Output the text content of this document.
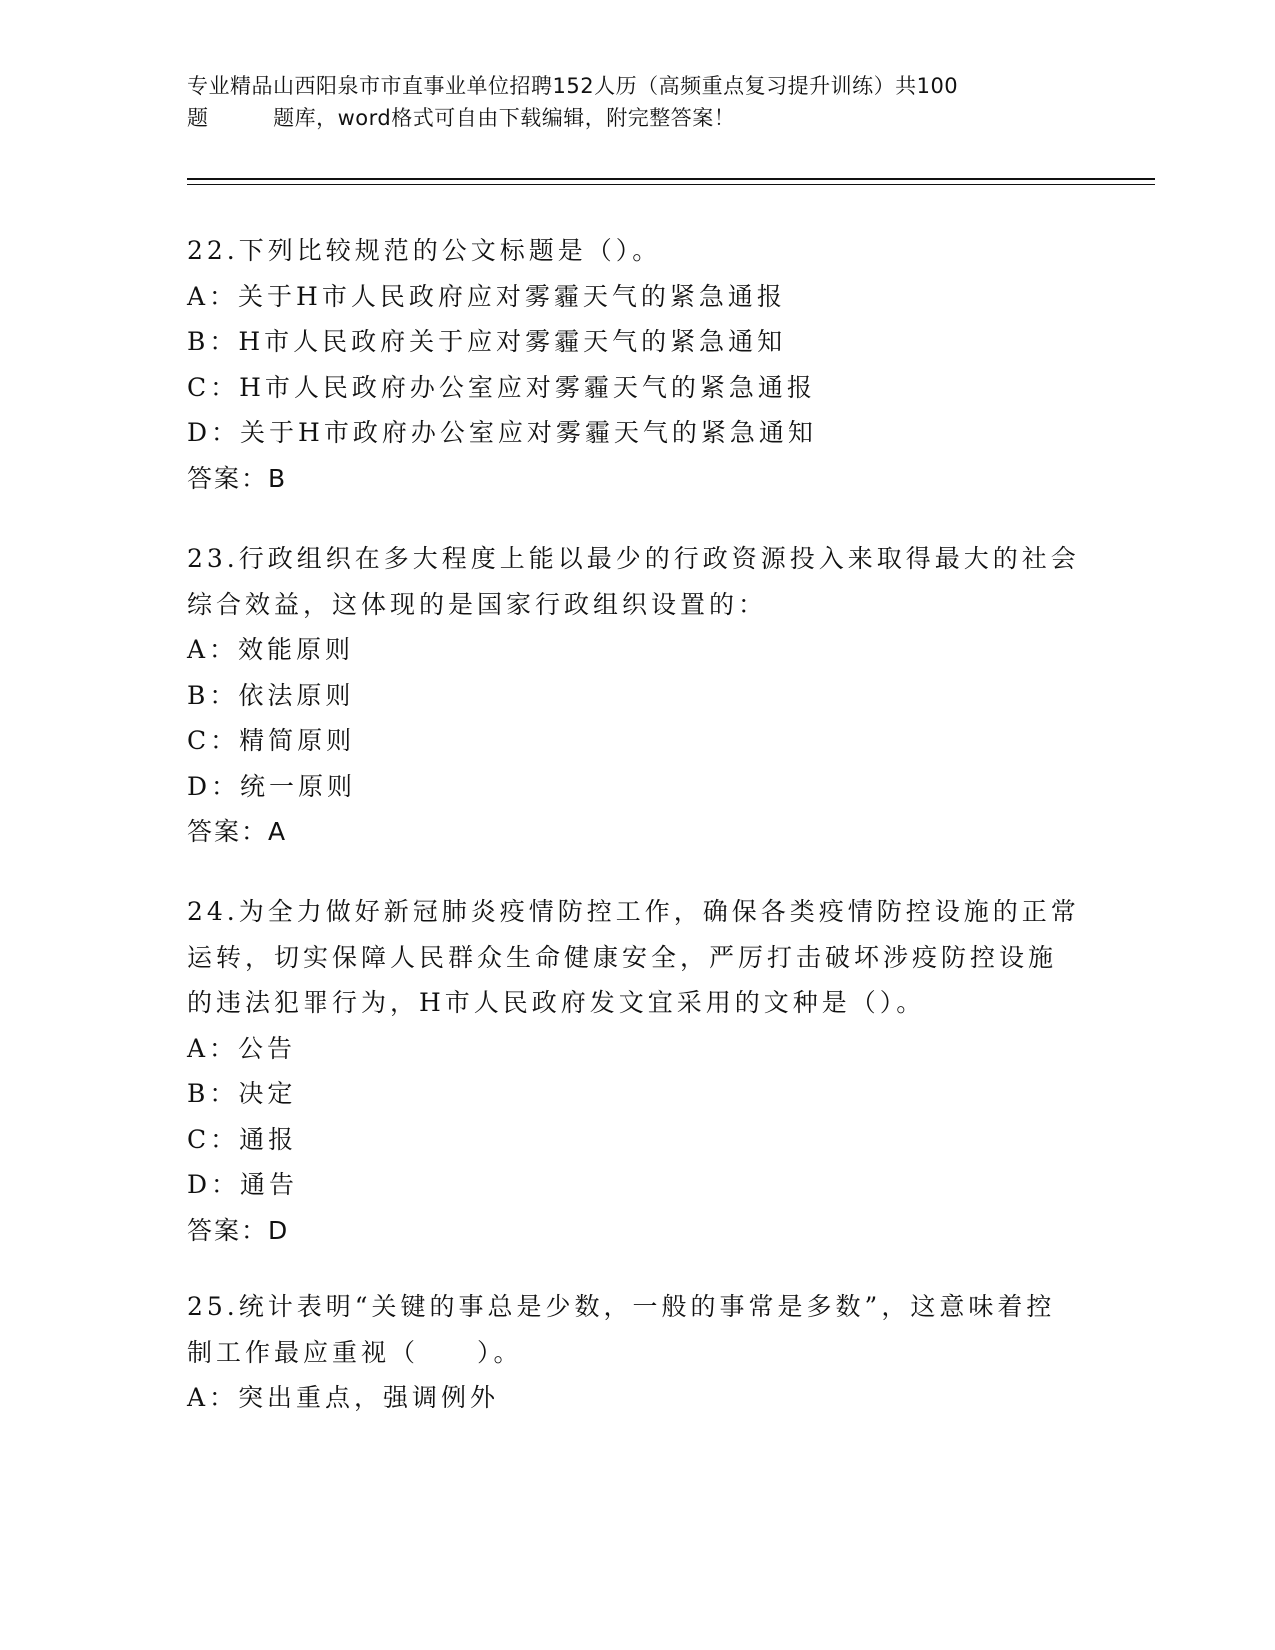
专业精品山西阳泉市市直事业单位招聘152人历（高频重点复习提升训练）共100
题         题库，word格式可自由下载编辑，附完整答案！
22.下列比较规范的公文标题是（）。
A：关于H市人民政府应对雾霾天气的紧急通报
B：H市人民政府关于应对雾霾天气的紧急通知
C：H市人民政府办公室应对雾霾天气的紧急通报
D：关于H市政府办公室应对雾霾天气的紧急通知
答案：B
23.行政组织在多大程度上能以最少的行政资源投入来取得最大的社会
综合效益，这体现的是国家行政组织设置的：
A：效能原则
B：依法原则
C：精简原则
D：统一原则
答案：A
24.为全力做好新冠肺炎疫情防控工作，确保各类疫情防控设施的正常
运转，切实保障人民群众生命健康安全，严厉打击破坏涉疫防控设施
的违法犯罪行为，H市人民政府发文宜采用的文种是（）。
A：公告
B：决定
C：通报
D：通告
答案：D
25.统计表明“关键的事总是少数，一般的事常是多数”，这意味着控
制工作最应重视（　　）。
A：突出重点，强调例外
